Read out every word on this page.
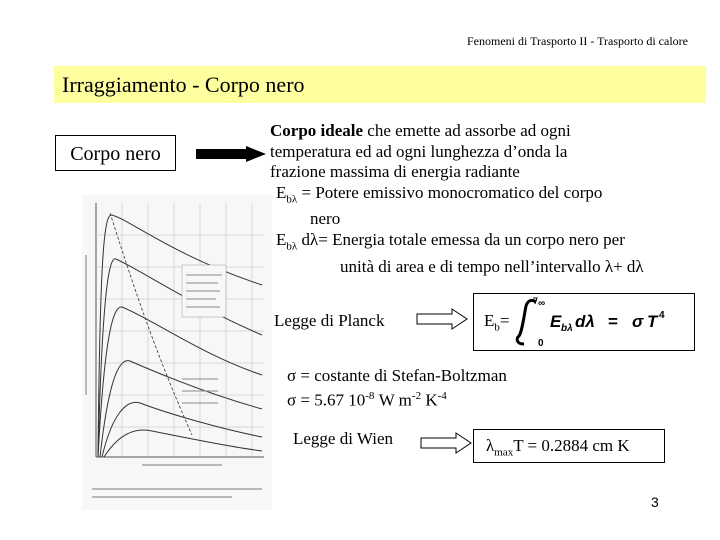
Fenomeni di Trasporto II - Trasporto di calore
Irraggiamento - Corpo nero
Corpo nero

Corpo ideale che emette ad assorbe ad ogni

temperatura ed ad ogni lunghezza d’onda la

frazione massima di energia radiante

$E_{b\lambda}$ = Potere emissivo monocromatico del corpo

nero

$E_{b\lambda}$ dλ= Energia totale emessa da un corpo nero per

unità di area e di tempo nell’intervallo λ+ dλ

Legge di Planck	$E_b=$
0
∞
E bλ dλ = σ T 4
σ = costante di Stefan-Boltzman
σ = 5.67 $10^{-8}$ W $m^{-2}$ $K^{-4}$
Legge di Wien	$\lambda_{max}T = 0.2884$ cm K
3
